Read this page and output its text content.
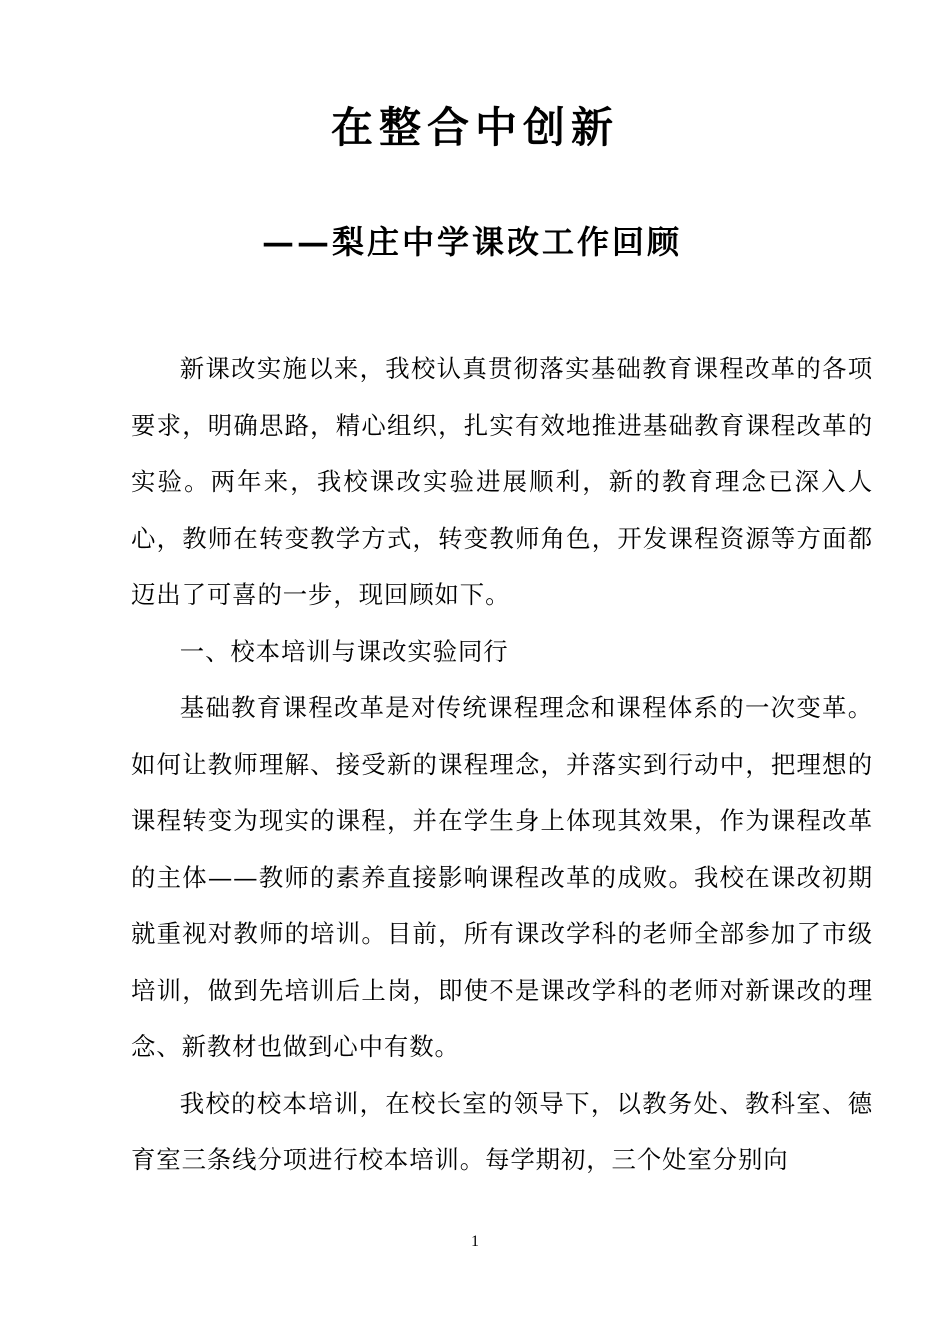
在整合中创新
——梨庄中学课改工作回顾

新课改实施以来，我校认真贯彻落实基础教育课程改革的各项要求，明确思路，精心组织，扎实有效地推进基础教育课程改革的实验。两年来，我校课改实验进展顺利，新的教育理念已深入人心，教师在转变教学方式，转变教师角色，开发课程资源等方面都迈出了可喜的一步，现回顾如下。

一、校本培训与课改实验同行

基础教育课程改革是对传统课程理念和课程体系的一次变革。如何让教师理解、接受新的课程理念，并落实到行动中，把理想的课程转变为现实的课程，并在学生身上体现其效果，作为课程改革的主体——教师的素养直接影响课程改革的成败。我校在课改初期就重视对教师的培训。目前，所有课改学科的老师全部参加了市级培训，做到先培训后上岗，即使不是课改学科的老师对新课改的理念、新教材也做到心中有数。

我校的校本培训，在校长室的领导下，以教务处、教科室、德育室三条线分项进行校本培训。每学期初，三个处室分别向

1
